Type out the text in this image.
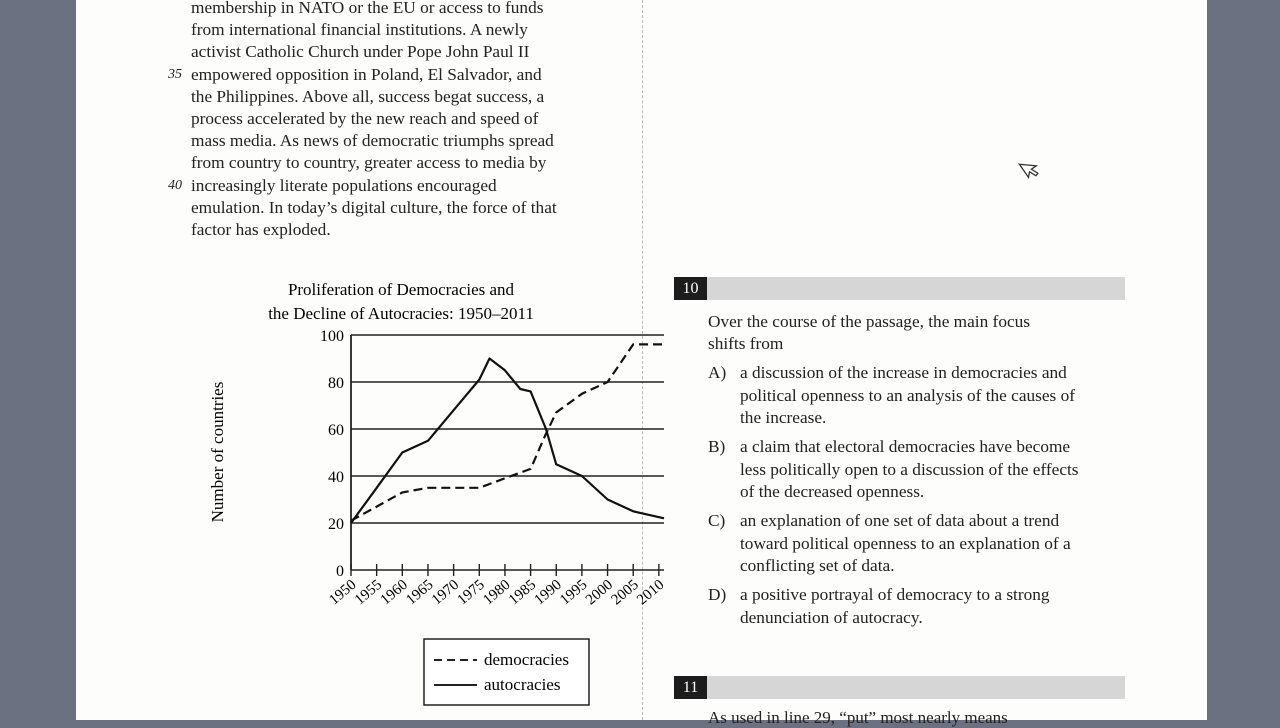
membership in NATO or the EU or access to funds
from international financial institutions. A newly
activist Catholic Church under Pope John Paul II
35 empowered opposition in Poland, El Salvador, and
the Philippines. Above all, success begat success, a
process accelerated by the new reach and speed of
mass media. As news of democratic triumphs spread
from country to country, greater access to media by
40 increasingly literate populations encouraged
emulation. In today’s digital culture, the force of that
factor has exploded.
Proliferation of Democracies and
the Decline of Autocracies: 1950–2011
Number of countries
0
20
40
60
80
100
1950
1955
1960
1965
1970
1975
1980
1985
1990
1995
2000
2005
2010
democracies
autocracies
10
Over the course of the passage, the main focus
shifts from
A) a discussion of the increase in democracies and
political openness to an analysis of the causes of
the increase.
B) a claim that electoral democracies have become
less politically open to a discussion of the effects
of the decreased openness.
C) an explanation of one set of data about a trend
toward political openness to an explanation of a
conflicting set of data.
D) a positive portrayal of democracy to a strong
denunciation of autocracy.
11
As used in line 29, “put” most nearly means
